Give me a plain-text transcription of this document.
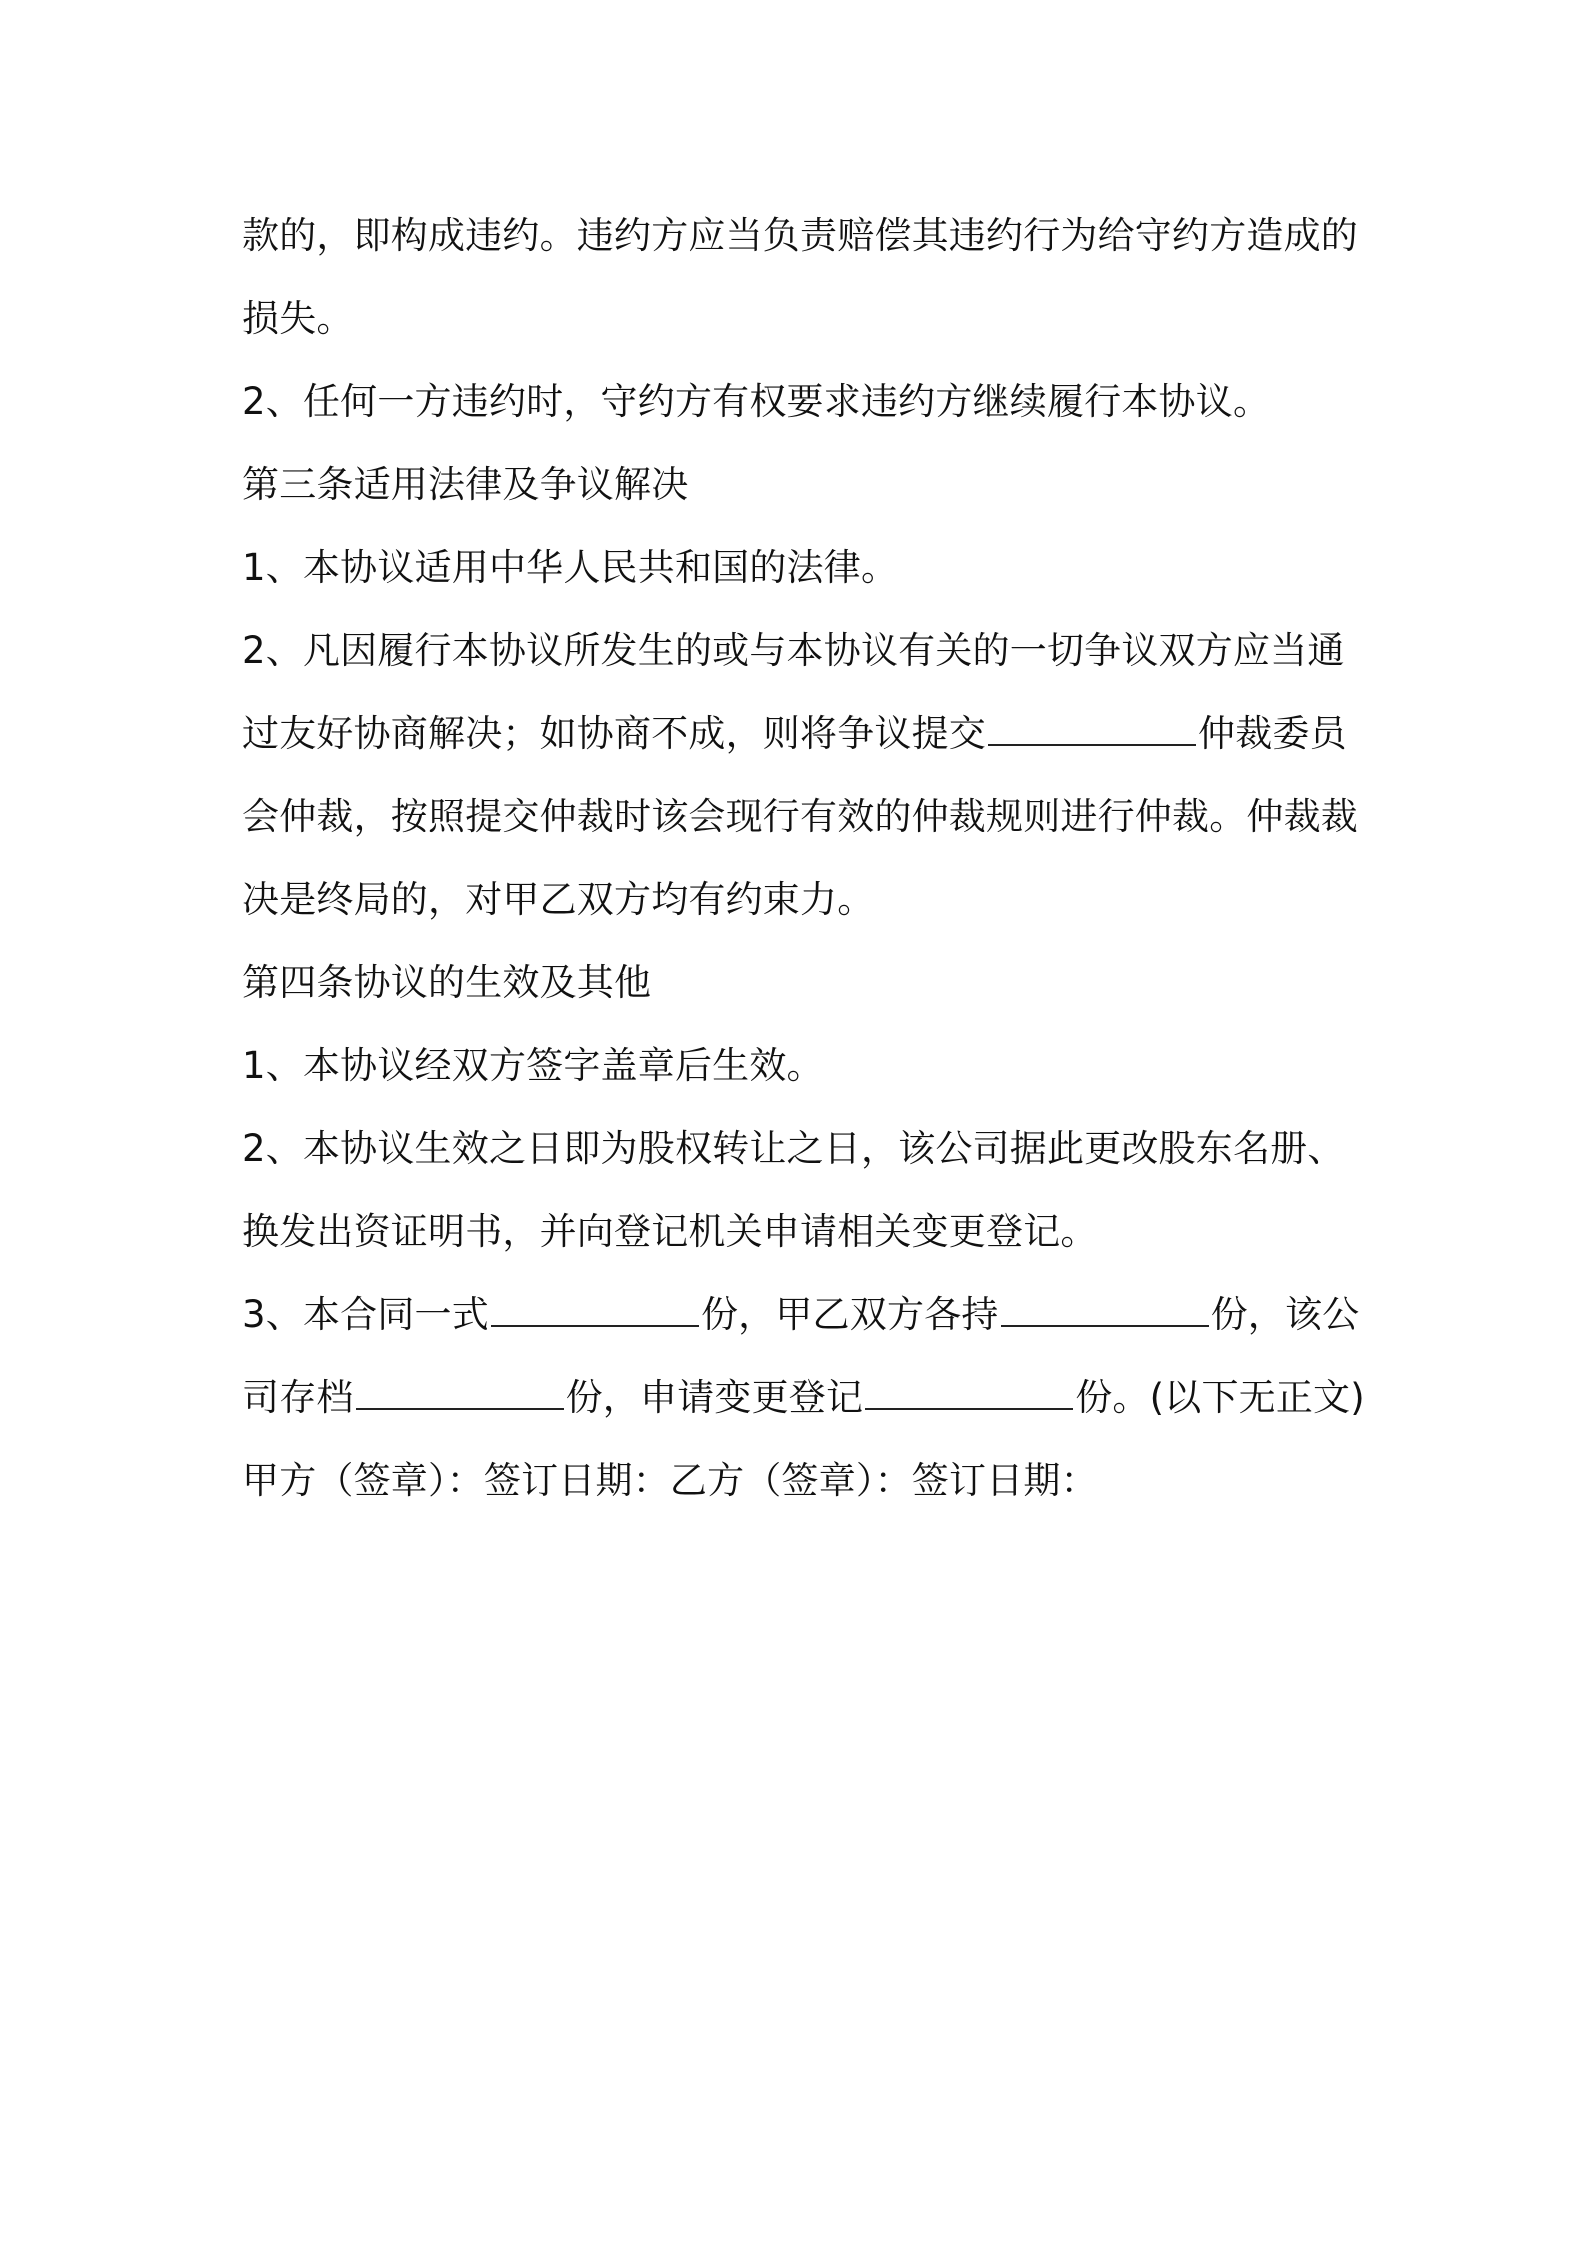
款的，即构成违约。违约方应当负责赔偿其违约行为给守约方造成的
损失。
2、任何一方违约时，守约方有权要求违约方继续履行本协议。
第三条适用法律及争议解决
1、本协议适用中华人民共和国的法律。
2、凡因履行本协议所发生的或与本协议有关的一切争议双方应当通
过友好协商解决；如协商不成，则将争议提交	仲裁委员
会仲裁，按照提交仲裁时该会现行有效的仲裁规则进行仲裁。仲裁裁
决是终局的，对甲乙双方均有约束力。
第四条协议的生效及其他
1、本协议经双方签字盖章后生效。
2、本协议生效之日即为股权转让之日，该公司据此更改股东名册、
换发出资证明书，并向登记机关申请相关变更登记。
3、本合同一式	份，甲乙双方各持	份，该公
司存档	份，申请变更登记	份。(以下无正文)
甲方（签章）：签订日期：乙方（签章）：签订日期：
